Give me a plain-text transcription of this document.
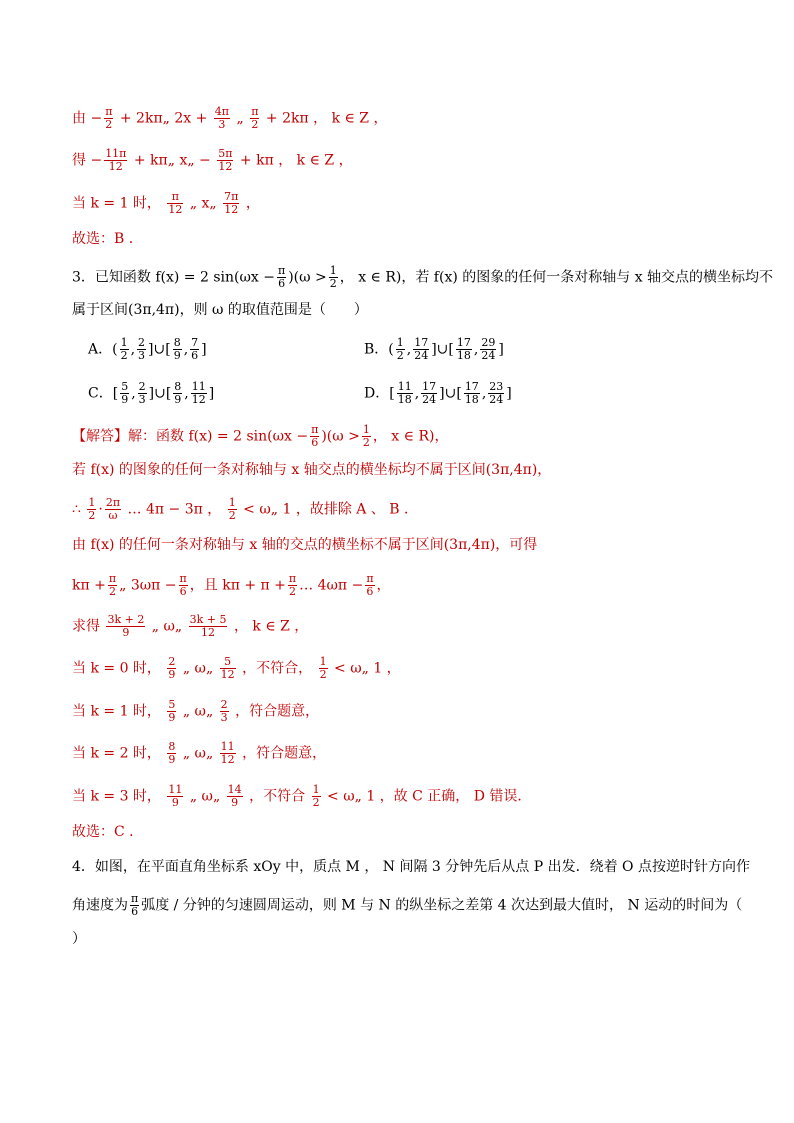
由 − $\frac{\pi}{2}$ + 2kπ„ $2x + \frac{4\pi}{3}$ „ $\frac{\pi}{2} + 2k\pi$ ， k ∈ Z ，
得 − $\frac{11\pi}{12}$ + kπ„ x„ − $\frac{5\pi}{12} + k\pi$ ， k ∈ Z ，
当 k = 1 时， $\frac{\pi}{12}$ „ x„ $\frac{7\pi}{12}$ ，
故选：B ．
3．已知函数 f(x) = 2 $\sin(\omega x - \frac{\pi}{6} )(\omega > \frac{1}{2}$ ， x ∈ R)，若 f(x) 的图象的任何一条对称轴与 x 轴交点的横坐标均不
属于区间(3π,4π)，则 ω 的取值范围是（　　）
A．( $\frac{1}{2}$ , $\frac{2}{3}$ ]∪[ $\frac{8}{9}$ , $\frac{7}{6}$ ]	B．( $\frac{1}{2}$ , $\frac{17}{24}$ ]∪[ $\frac{17}{18}$ , $\frac{29}{24}$ ]
C．[ $\frac{5}{9}$ , $\frac{2}{3}$ ]∪[ $\frac{8}{9}$ , $\frac{11}{12}$ ]	D．[ $\frac{11}{18}$ , $\frac{17}{24}$ ]∪[ $\frac{17}{18}$ , $\frac{23}{24}$ ]
【解答】解：函数 f(x) = 2 $\sin(\omega x - \frac{\pi}{6} )(\omega > \frac{1}{2}$ ， x ∈ R)，
若 f(x) 的图象的任何一条对称轴与 x 轴交点的横坐标均不属于区间(3π,4π)，
∴ $\frac{1}{2} \cdot \frac{2\pi}{\omega}$ … 4π − 3π ， $\frac{1}{2}$ < ω„ 1 ，故排除 A 、 B ．
由 f(x) 的任何一条对称轴与 x 轴的交点的横坐标不属于区间(3π,4π)，可得
$k\pi + \frac{\pi}{2}$ „ $3\omega\pi - \frac{\pi}{6}$ ，且 $k\pi + \pi + \frac{\pi}{2}$ … $4\omega\pi - \frac{\pi}{6}$ ，
求得 $\frac{3k + 2}{9}$ „ ω„ $\frac{3k + 5}{12}$ ， k ∈ Z ，
当 k = 0 时， $\frac{2}{9}$ „ ω„ $\frac{5}{12}$ ，不符合， $\frac{1}{2}$ < ω„ 1 ，
当 k = 1 时， $\frac{5}{9}$ „ ω„ $\frac{2}{3}$ ，符合题意，
当 k = 2 时， $\frac{8}{9}$ „ ω„ $\frac{11}{12}$ ，符合题意，
当 k = 3 时， $\frac{11}{9}$ „ ω„ $\frac{14}{9}$ ，不符合 $\frac{1}{2}$ < ω„ 1 ，故 C 正确， D 错误．
故选：C ．
4．如图，在平面直角坐标系 xOy 中，质点 M ， N 间隔 3 分钟先后从点 P 出发．绕着 O 点按逆时针方向作
角速度为 $\frac{\pi}{6}$ 弧度 / 分钟的匀速圆周运动，则 M 与 N 的纵坐标之差第 4 次达到最大值时， N 运动的时间为（
）
